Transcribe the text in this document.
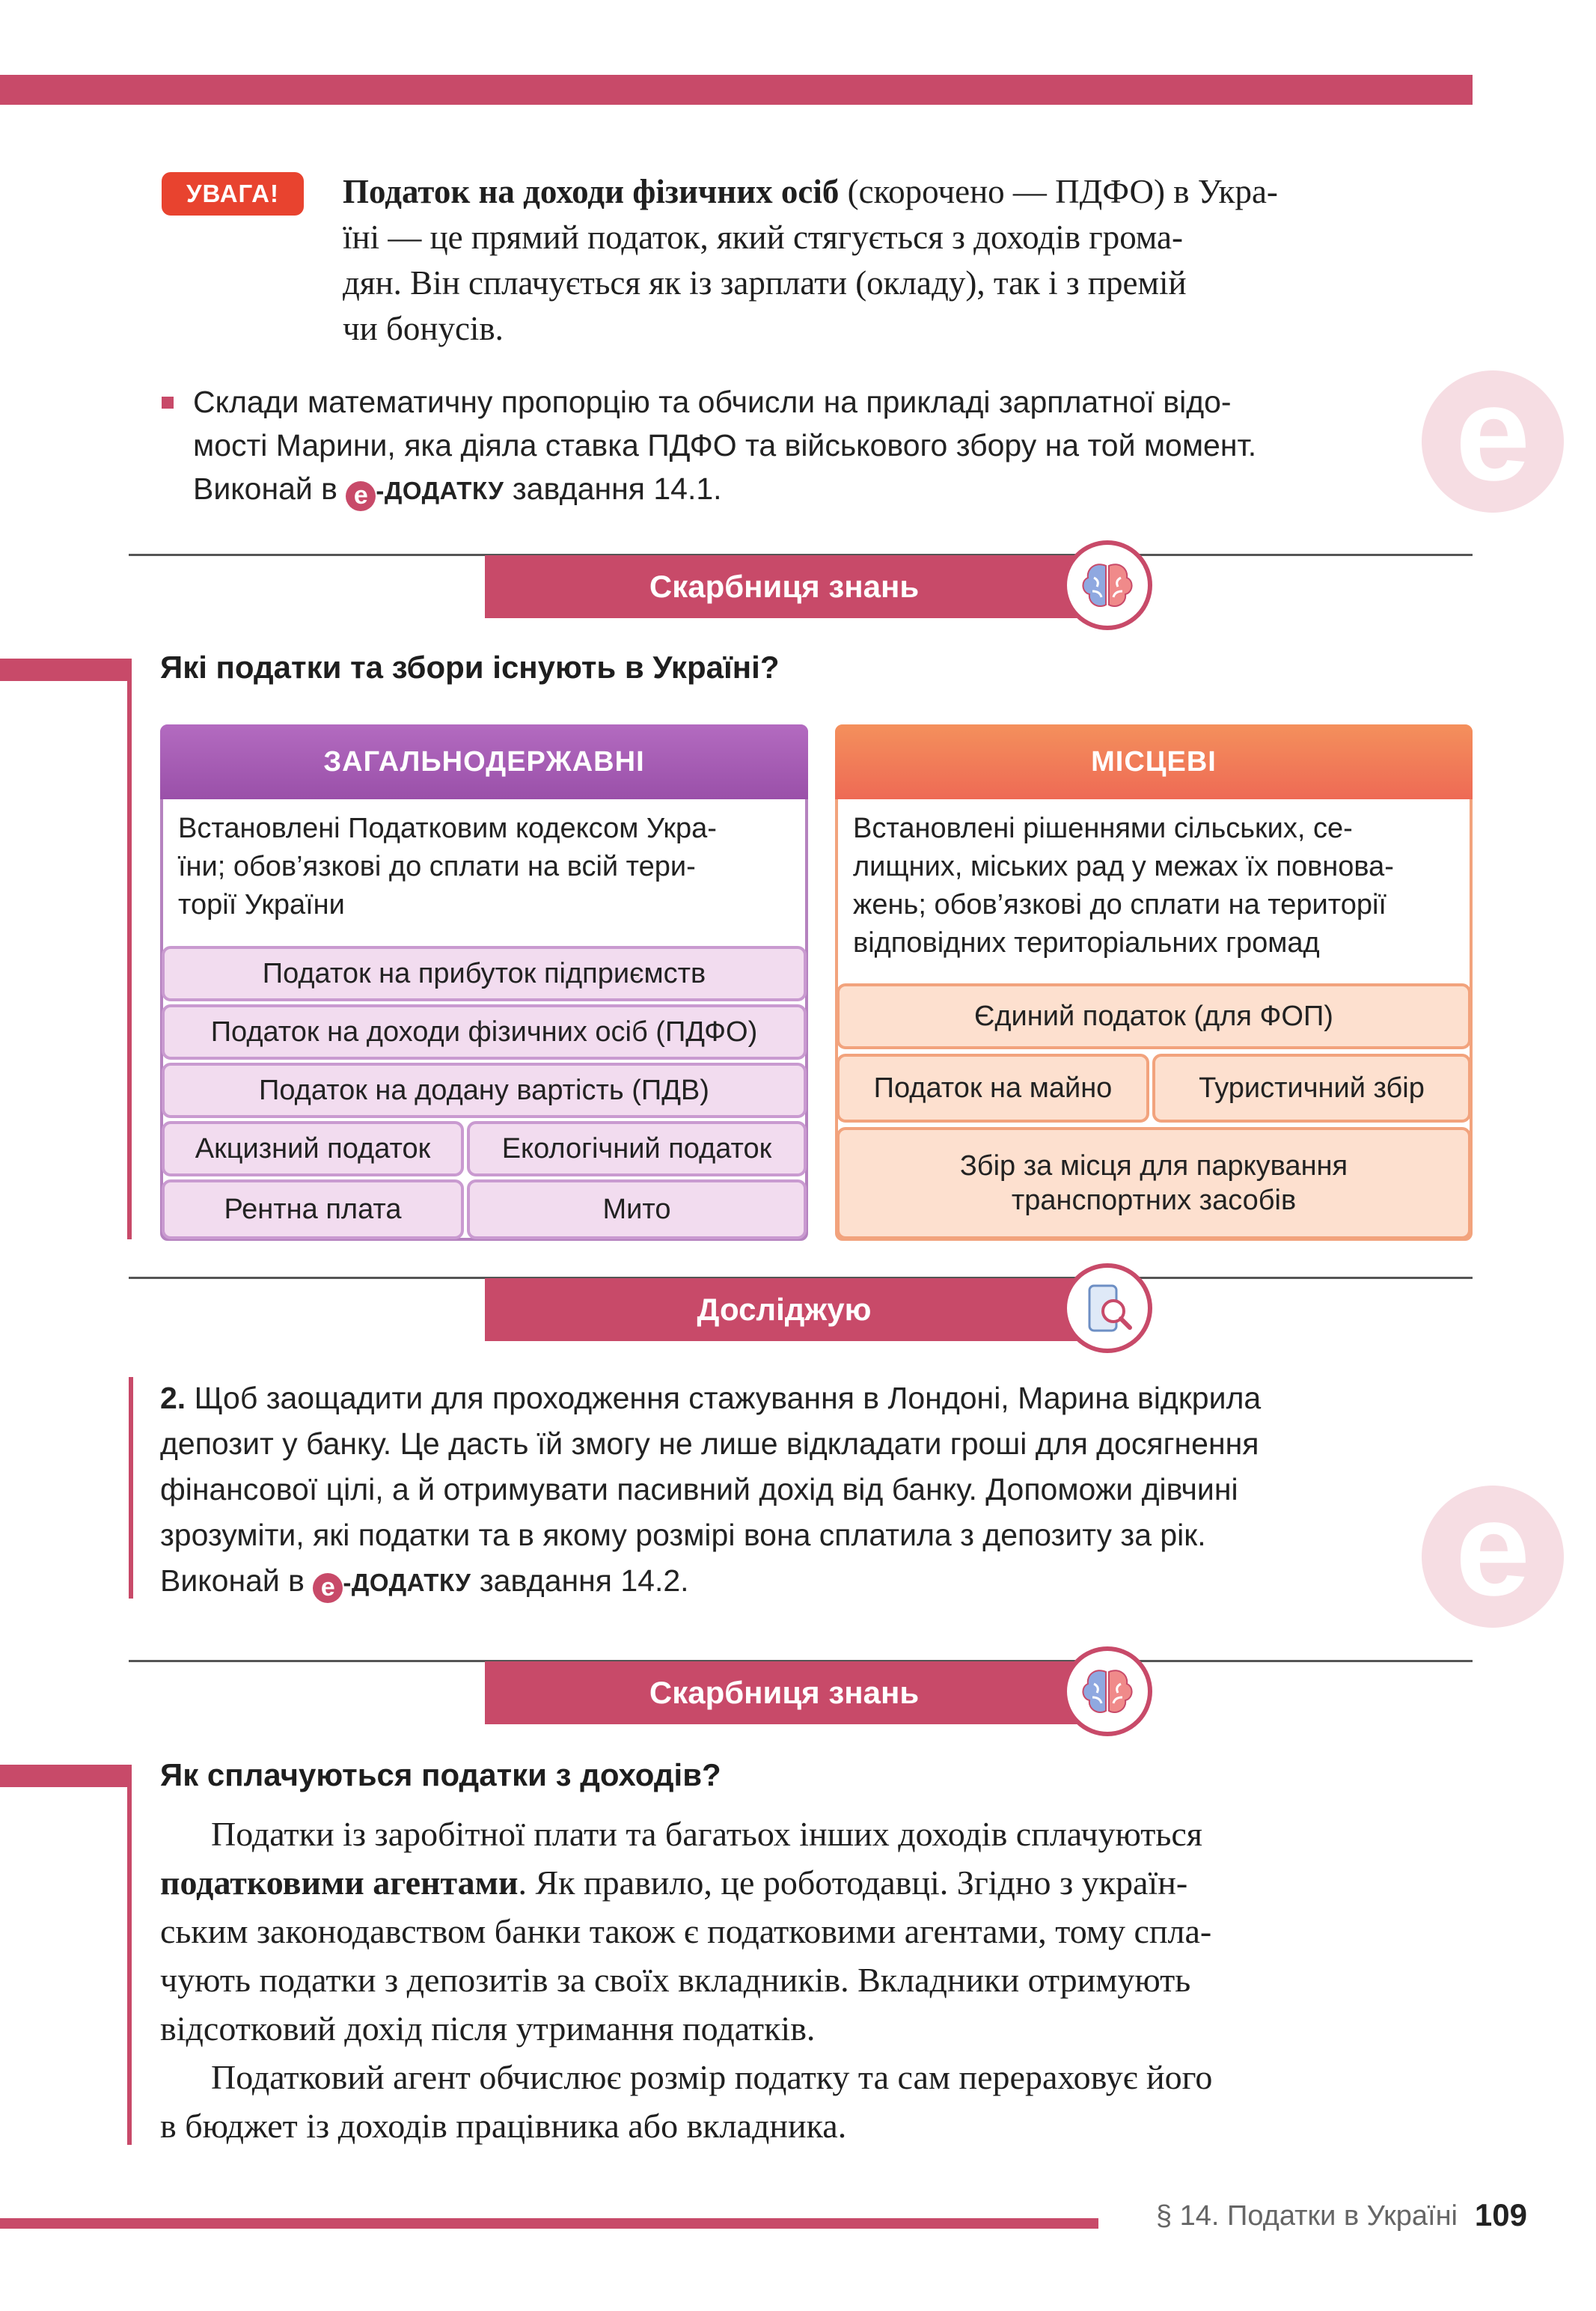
УВАГА!	Податок на доходи фізичних осіб (скорочено — ПДФО) в Укра-
їні — це прямий податок, який стягується з доходів грома-
дян. Він сплачується як із зарплати (окладу), так і з премій
чи бонусів.
Склади математичну пропорцію та обчисли на прикладі зарплатної відо-
мості Марини, яка діяла ставка ПДФО та військового збору на той момент.
Виконай в e -ДОДАТКУ завдання 14.1.	e
Скарбниця знань
Які податки та збори існують в Україні?
ЗАГАЛЬНОДЕРЖАВНІ
Встановлені Податковим кодексом Укра-
їни; обов’язкові до сплати на всій тери-
торії України
Податок на прибуток підприємств
Податок на доходи фізичних осіб (ПДФО)
Податок на додану вартість (ПДВ)
Акцизний податок	Екологічний податок
Рентна плата	Мито
МІСЦЕВІ
Встановлені рішеннями сільських, се-
лищних, міських рад у межах їх повнова-
жень; обов’язкові до сплати на території
відповідних територіальних громад
Єдиний податок (для ФОП)
Податок на майно	Туристичний збір
Збір за місця для паркування
транспортних засобів
Досліджую
2. Щоб заощадити для проходження стажування в Лондоні, Марина відкрила
депозит у банку. Це дасть їй змогу не лише відкладати гроші для досягнення
фінансової цілі, а й отримувати пасивний дохід від банку. Допоможи дівчині
зрозуміти, які податки та в якому розмірі вона сплатила з депозиту за рік.
Виконай в e -ДОДАТКУ завдання 14.2.	e
Скарбниця знань
Як сплачуються податки з доходів?
Податки із заробітної плати та багатьох інших доходів сплачуються
податковими агентами. Як правило, це роботодавці. Згідно з україн-
ським законодавством банки також є податковими агентами, тому спла-
чують податки з депозитів за своїх вкладників. Вкладники отримують
відсотковий дохід після утримання податків.
Податковий агент обчислює розмір податку та сам перераховує його
в бюджет із доходів працівника або вкладника.
§ 14. Податки в Україні 109
